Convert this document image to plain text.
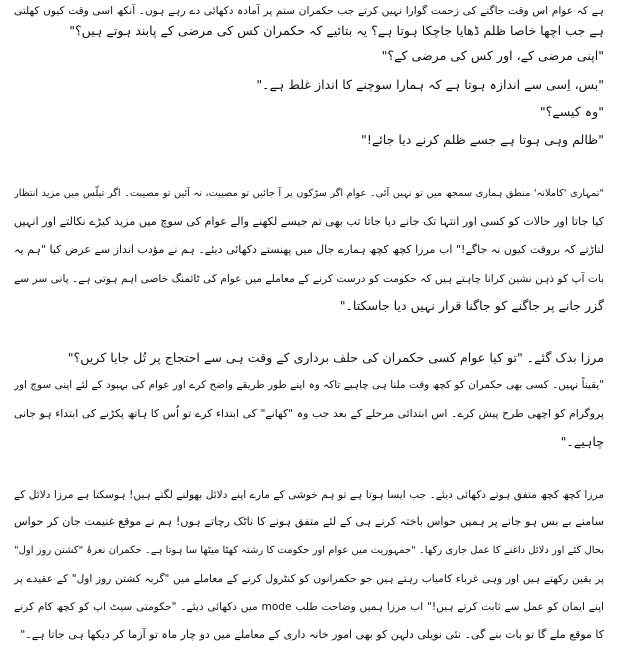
ہے کہ عوام اس وقت جاگنے کی زحمت گوارا نہیں کرتے جب حکمران ستم پر آمادہ دکھائی دے رہے ہوں۔ آنکھ اسی وقت کیوں کھلتی
ہے جب اچھا خاصا ظلم ڈھایا جاچکا ہوتا ہے؟ یہ بتائیے کہ حکمران کس کی مرضی کے پابند ہوتے ہیں؟"
"اپنی مرضی کے، اور کس کی مرضی کے؟"
"بس، اِسی سے اندازہ ہوتا ہے کہ ہمارا سوچنے کا انداز غلط ہے۔"
"وہ کیسے؟"
"ظالم وہی ہوتا ہے جسے ظلم کرنے دیا جائے!"
"تمہاری 'کاملانہ' منطق ہماری سمجھ میں تو نہیں آئی۔ عوام اگر سڑکوں پر آ جائیں تو مصیبت، نہ آئیں تو مصیبت۔ اگر تیلّس میں مزید انتظار
کیا جاتا اور حالات کو کسی اور انتہا تک جانے دیا جاتا تب بھی تم جیسے لکھنے والے عوام کی سوچ میں مزید کیڑے نکالتے اور انہیں
لتاڑتے کہ بروقت کیوں نہ جاگے!" اب مرزا کچھ کچھ ہمارے جال میں پھنستے دکھائی دیئے۔ ہم نے مؤدب انداز سے عرض کیا "ہم یہ
بات آپ کو ذہن نشین کرانا چاہتے ہیں کہ حکومت کو درست کرنے کے معاملے میں عوام کی ٹائمنگ خاصی اہم ہوتی ہے۔ پانی سر سے
گزر جانے پر جاگنے کو جاگنا قرار نہیں دیا جاسکتا۔"
مرزا بدک گئے۔ "تو کیا عوام کسی حکمران کی حلف برداری کے وقت ہی سے احتجاج پر تُل جایا کریں؟"
"یقیناً نہیں۔ کسی بھی حکمران کو کچھ وقت ملنا ہی چاہیے تاکہ وہ اپنے طور طریقے واضح کرے اور عوام کی بہبود کے لئے اپنی سوچ اور
پروگرام کو اچھی طرح پیش کرے۔ اس ابتدائی مرحلے کے بعد جب وہ "کھانے" کی ابتداء کرے تو اُس کا ہاتھ پکڑنے کی ابتداء ہو جانی
چاہیے۔"
مرزا کچھ کچھ متفق ہوتے دکھائی دیئے۔ جب ایسا ہوتا ہے تو ہم خوشی کے مارے اپنے دلائل بھولنے لگتے ہیں! ہوسکتا ہے مرزا دلائل کے
سامنے بے بس ہو جانے پر ہمیں حواس باختہ کرنے ہی کے لئے متفق ہونے کا ناٹک رچاتے ہوں! ہم نے موقع غنیمت جان کر حواس
بحال کئے اور دلائل داغنے کا عمل جاری رکھا۔ "جمہوریت میں عوام اور حکومت کا رشتہ کھٹا میٹھا سا ہوتا ہے۔ حکمران نعرۂ "کشتن روز اول"
پر یقین رکھتے ہیں اور وہی غرباء کامیاب رہتے ہیں جو حکمرانوں کو کنٹرول کرنے کے معاملے میں "گربہ کشتن روز اول" کے عقیدے پر
اپنے ایمان کو عمل سے ثابت کرتے ہیں!" اب مرزا ہمیں وضاحت طلب mode میں دکھائی دیئے۔ "حکومتی سیٹ اپ کو کچھ کام کرنے
کا موقع ملے گا تو بات بنے گی۔ نئی نویلی دلہن کو بھی امور خانہ داری کے معاملے میں دو چار ماہ تو آزما کر دیکھا ہی جاتا ہے۔"
